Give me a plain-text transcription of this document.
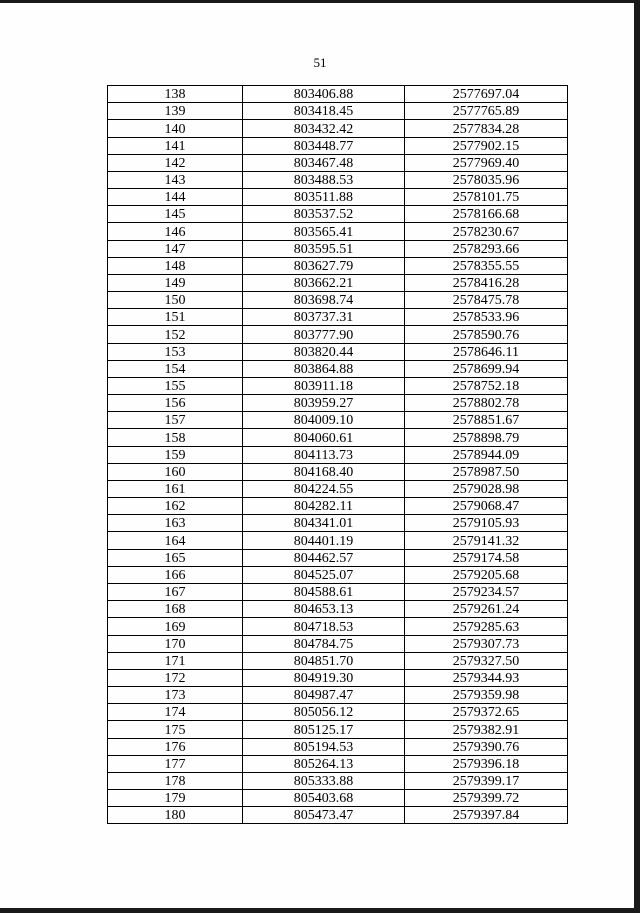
51
138	803406.88	2577697.04
139	803418.45	2577765.89
140	803432.42	2577834.28
141	803448.77	2577902.15
142	803467.48	2577969.40
143	803488.53	2578035.96
144	803511.88	2578101.75
145	803537.52	2578166.68
146	803565.41	2578230.67
147	803595.51	2578293.66
148	803627.79	2578355.55
149	803662.21	2578416.28
150	803698.74	2578475.78
151	803737.31	2578533.96
152	803777.90	2578590.76
153	803820.44	2578646.11
154	803864.88	2578699.94
155	803911.18	2578752.18
156	803959.27	2578802.78
157	804009.10	2578851.67
158	804060.61	2578898.79
159	804113.73	2578944.09
160	804168.40	2578987.50
161	804224.55	2579028.98
162	804282.11	2579068.47
163	804341.01	2579105.93
164	804401.19	2579141.32
165	804462.57	2579174.58
166	804525.07	2579205.68
167	804588.61	2579234.57
168	804653.13	2579261.24
169	804718.53	2579285.63
170	804784.75	2579307.73
171	804851.70	2579327.50
172	804919.30	2579344.93
173	804987.47	2579359.98
174	805056.12	2579372.65
175	805125.17	2579382.91
176	805194.53	2579390.76
177	805264.13	2579396.18
178	805333.88	2579399.17
179	805403.68	2579399.72
180	805473.47	2579397.84
